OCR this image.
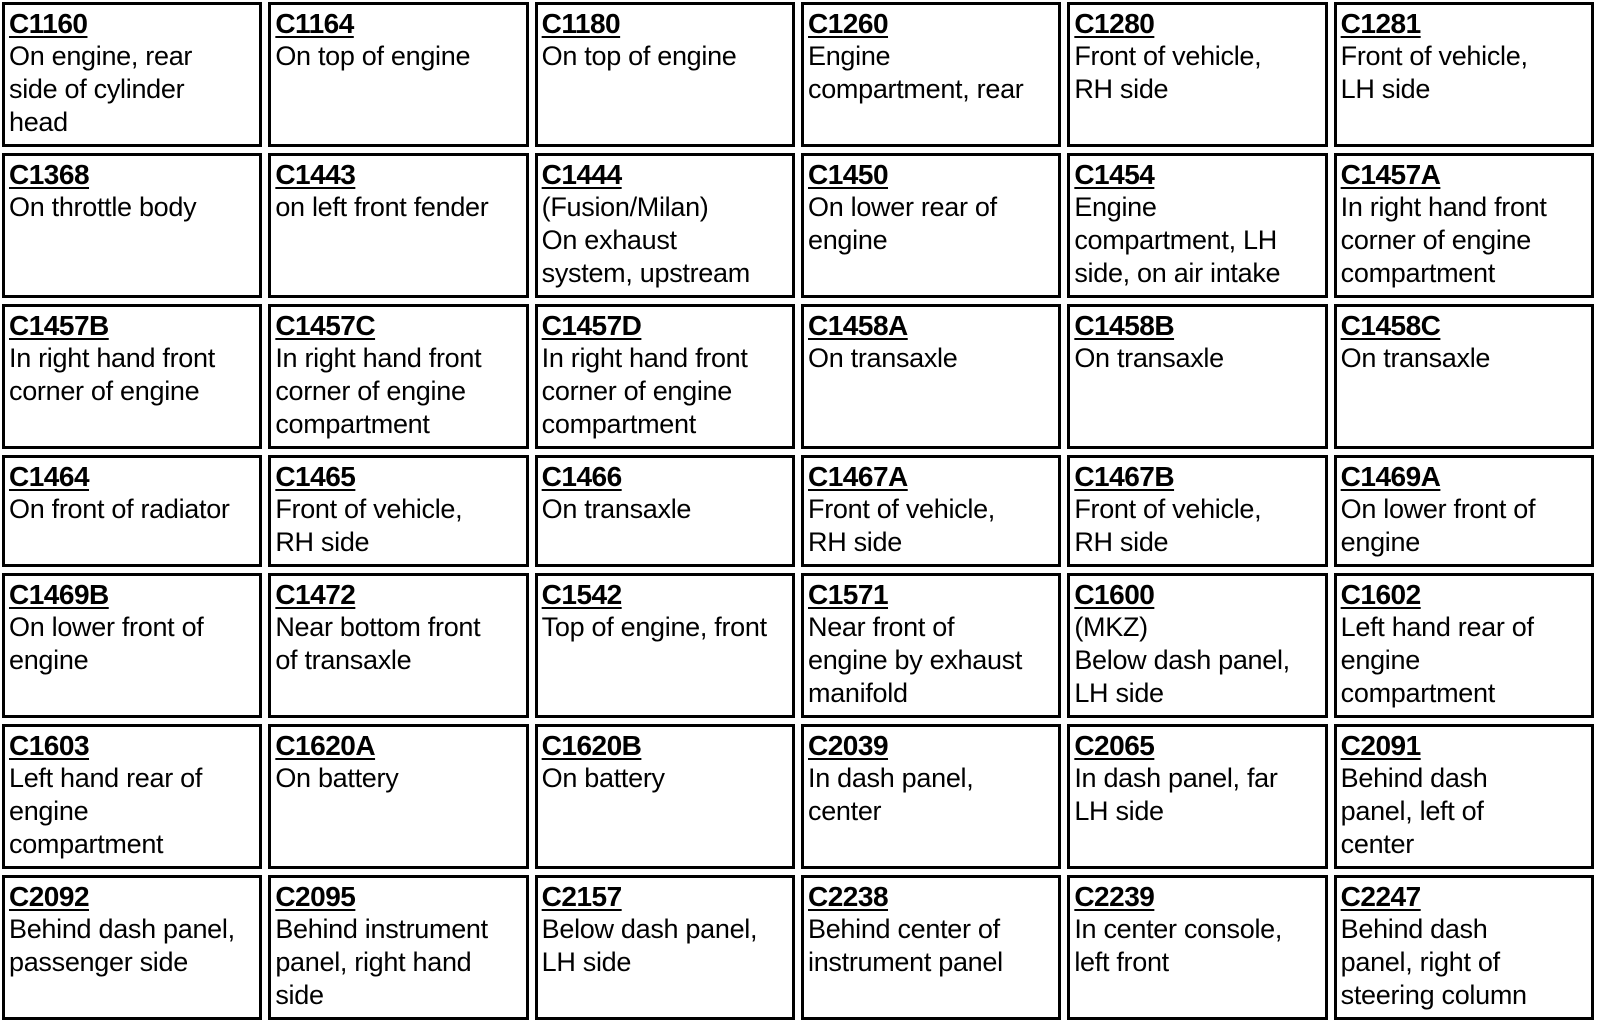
C1160
On engine, rear
side of cylinder
head
C1164
On top of engine
C1180
On top of engine
C1260
Engine
compartment, rear
C1280
Front of vehicle,
RH side
C1281
Front of vehicle,
LH side
C1368
On throttle body
C1443
on left front fender
C1444
(Fusion/Milan)
On exhaust
system, upstream
C1450
On lower rear of
engine
C1454
Engine
compartment, LH
side, on air intake
C1457A
In right hand front
corner of engine
compartment
C1457B
In right hand front
corner of engine
C1457C
In right hand front
corner of engine
compartment
C1457D
In right hand front
corner of engine
compartment
C1458A
On transaxle
C1458B
On transaxle
C1458C
On transaxle
C1464
On front of radiator
C1465
Front of vehicle,
RH side
C1466
On transaxle
C1467A
Front of vehicle,
RH side
C1467B
Front of vehicle,
RH side
C1469A
On lower front of
engine
C1469B
On lower front of
engine
C1472
Near bottom front
of transaxle
C1542
Top of engine, front
C1571
Near front of
engine by exhaust
manifold
C1600
(MKZ)
Below dash panel,
LH side
C1602
Left hand rear of
engine
compartment
C1603
Left hand rear of
engine
compartment
C1620A
On battery
C1620B
On battery
C2039
In dash panel,
center
C2065
In dash panel, far
LH side
C2091
Behind dash
panel, left of
center
C2092
Behind dash panel,
passenger side
C2095
Behind instrument
panel, right hand
side
C2157
Below dash panel,
LH side
C2238
Behind center of
instrument panel
C2239
In center console,
left front
C2247
Behind dash
panel, right of
steering column
